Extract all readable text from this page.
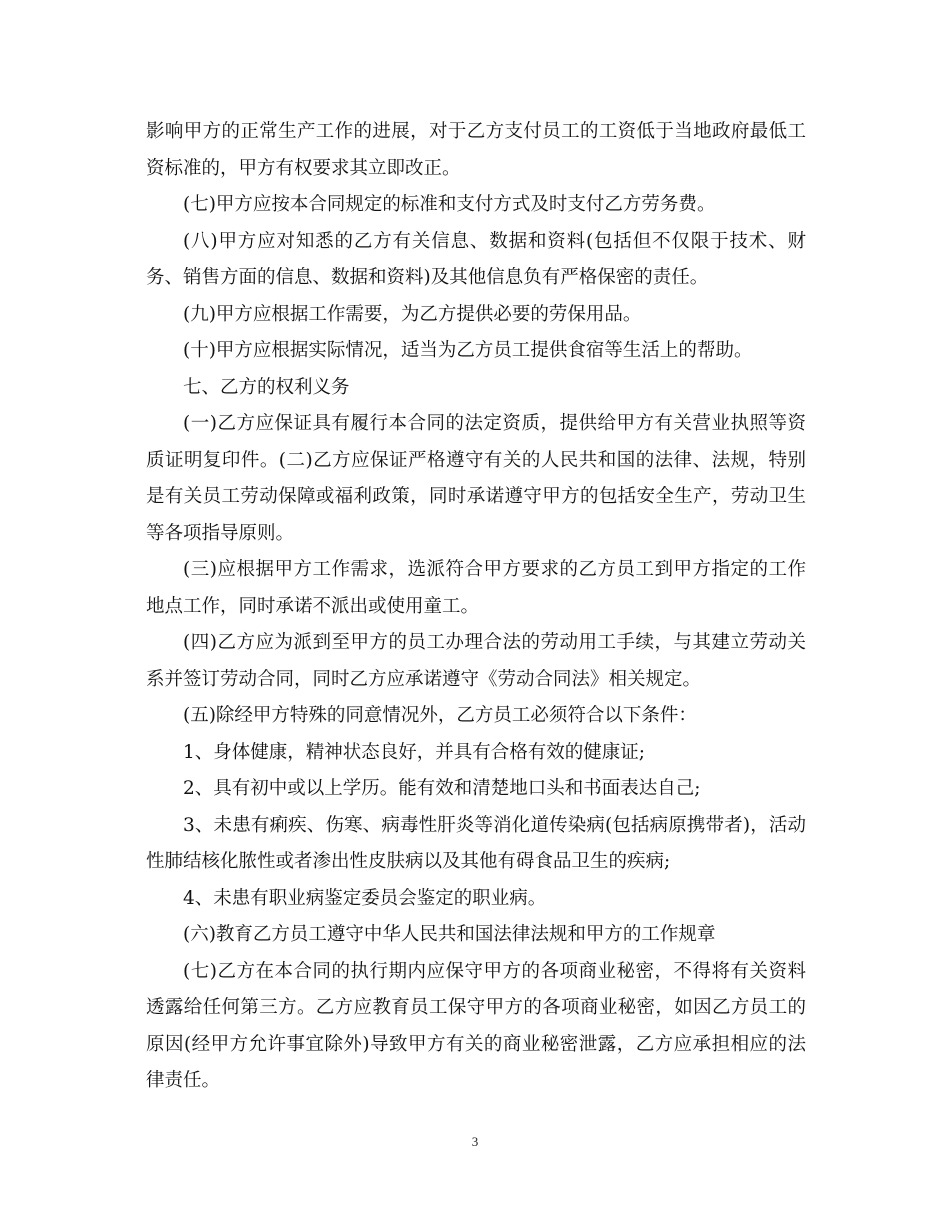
影响甲方的正常生产工作的进展，对于乙方支付员工的工资低于当地政府最低工资标准的，甲方有权要求其立即改正。

(七)甲方应按本合同规定的标准和支付方式及时支付乙方劳务费。

(八)甲方应对知悉的乙方有关信息、数据和资料(包括但不仅限于技术、财务、销售方面的信息、数据和资料)及其他信息负有严格保密的责任。

(九)甲方应根据工作需要，为乙方提供必要的劳保用品。

(十)甲方应根据实际情况，适当为乙方员工提供食宿等生活上的帮助。

七、乙方的权利义务

(一)乙方应保证具有履行本合同的法定资质，提供给甲方有关营业执照等资质证明复印件。(二)乙方应保证严格遵守有关的人民共和国的法律、法规，特别是有关员工劳动保障或福利政策，同时承诺遵守甲方的包括安全生产，劳动卫生等各项指导原则。

(三)应根据甲方工作需求，选派符合甲方要求的乙方员工到甲方指定的工作地点工作，同时承诺不派出或使用童工。

(四)乙方应为派到至甲方的员工办理合法的劳动用工手续，与其建立劳动关系并签订劳动合同，同时乙方应承诺遵守《劳动合同法》相关规定。

(五)除经甲方特殊的同意情况外，乙方员工必须符合以下条件：

1、身体健康，精神状态良好，并具有合格有效的健康证;

2、具有初中或以上学历。能有效和清楚地口头和书面表达自己;

3、未患有痢疾、伤寒、病毒性肝炎等消化道传染病(包括病原携带者)，活动性肺结核化脓性或者渗出性皮肤病以及其他有碍食品卫生的疾病;

4、未患有职业病鉴定委员会鉴定的职业病。

(六)教育乙方员工遵守中华人民共和国法律法规和甲方的工作规章

(七)乙方在本合同的执行期内应保守甲方的各项商业秘密，不得将有关资料透露给任何第三方。乙方应教育员工保守甲方的各项商业秘密，如因乙方员工的原因(经甲方允许事宜除外)导致甲方有关的商业秘密泄露，乙方应承担相应的法律责任。

3
